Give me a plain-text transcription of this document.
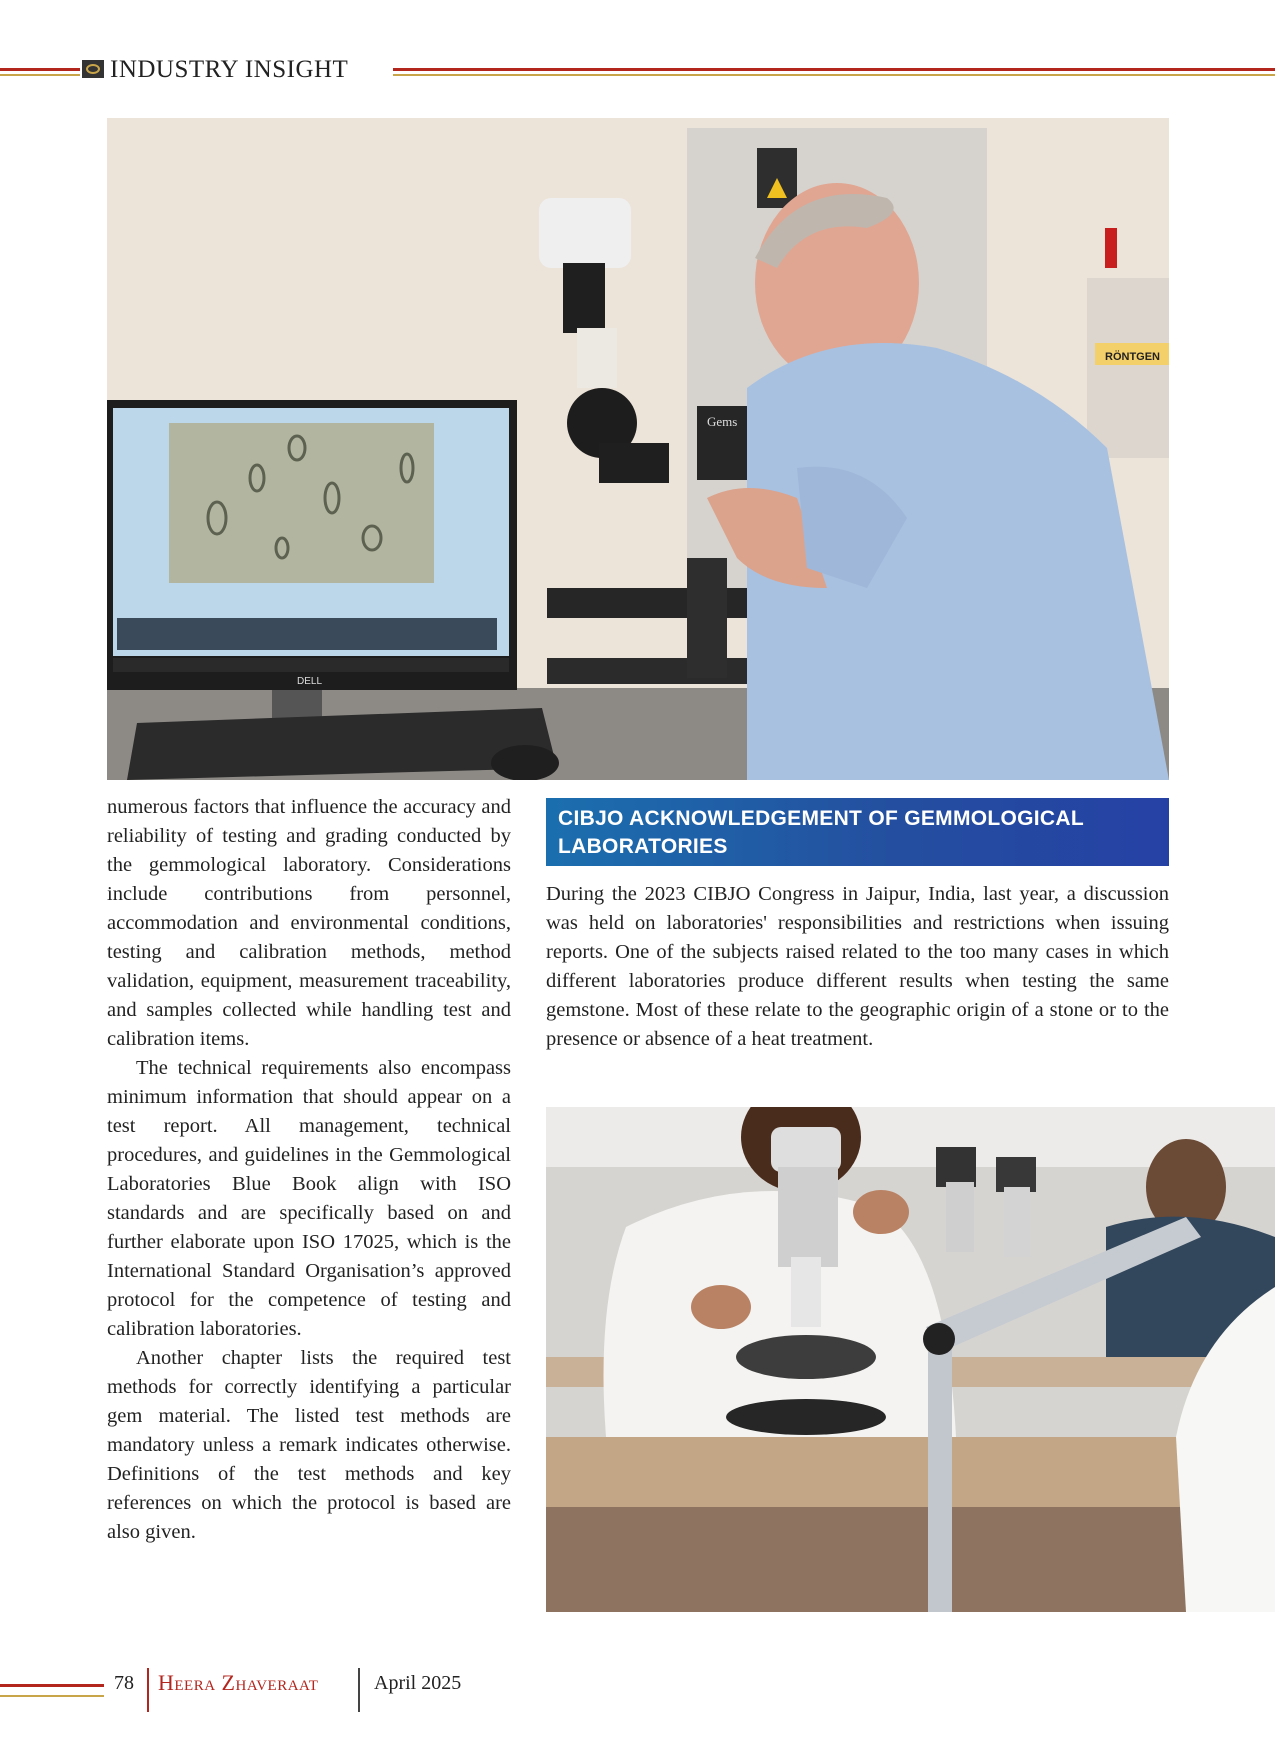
INDUSTRY INSIGHT
RÖNTGEN
DELL
Gems

numerous factors that influence the accuracy and reliability of testing and grading conducted by the gemmological laboratory. Considerations include contributions from personnel, accommodation and environmental conditions, testing and calibration methods, method validation, equipment, measurement traceability, and samples collected while handling test and calibration items.

The technical requirements also encompass minimum information that should appear on a test report. All management, technical procedures, and guidelines in the Gemmological Laboratories Blue Book align with ISO standards and are specifically based on and further elaborate upon ISO 17025, which is the International Standard Organisation’s approved protocol for the competence of testing and calibration laboratories.

Another chapter lists the required test methods for correctly identifying a particular gem material. The listed test methods are mandatory unless a remark indicates otherwise. Definitions of the test methods and key references on which the protocol is based are also given.

CIBJO ACKNOWLEDGEMENT OF GEMMOLOGICAL LABORATORIES

During the 2023 CIBJO Congress in Jaipur, India, last year, a discussion was held on laboratories' responsibilities and restrictions when issuing reports. One of the subjects raised related to the too many cases in which different laboratories produce different results when testing the same gemstone. Most of these relate to the geographic origin of a stone or to the presence or absence of a heat treatment.

78 Heera Zhaveraat	April 2025
